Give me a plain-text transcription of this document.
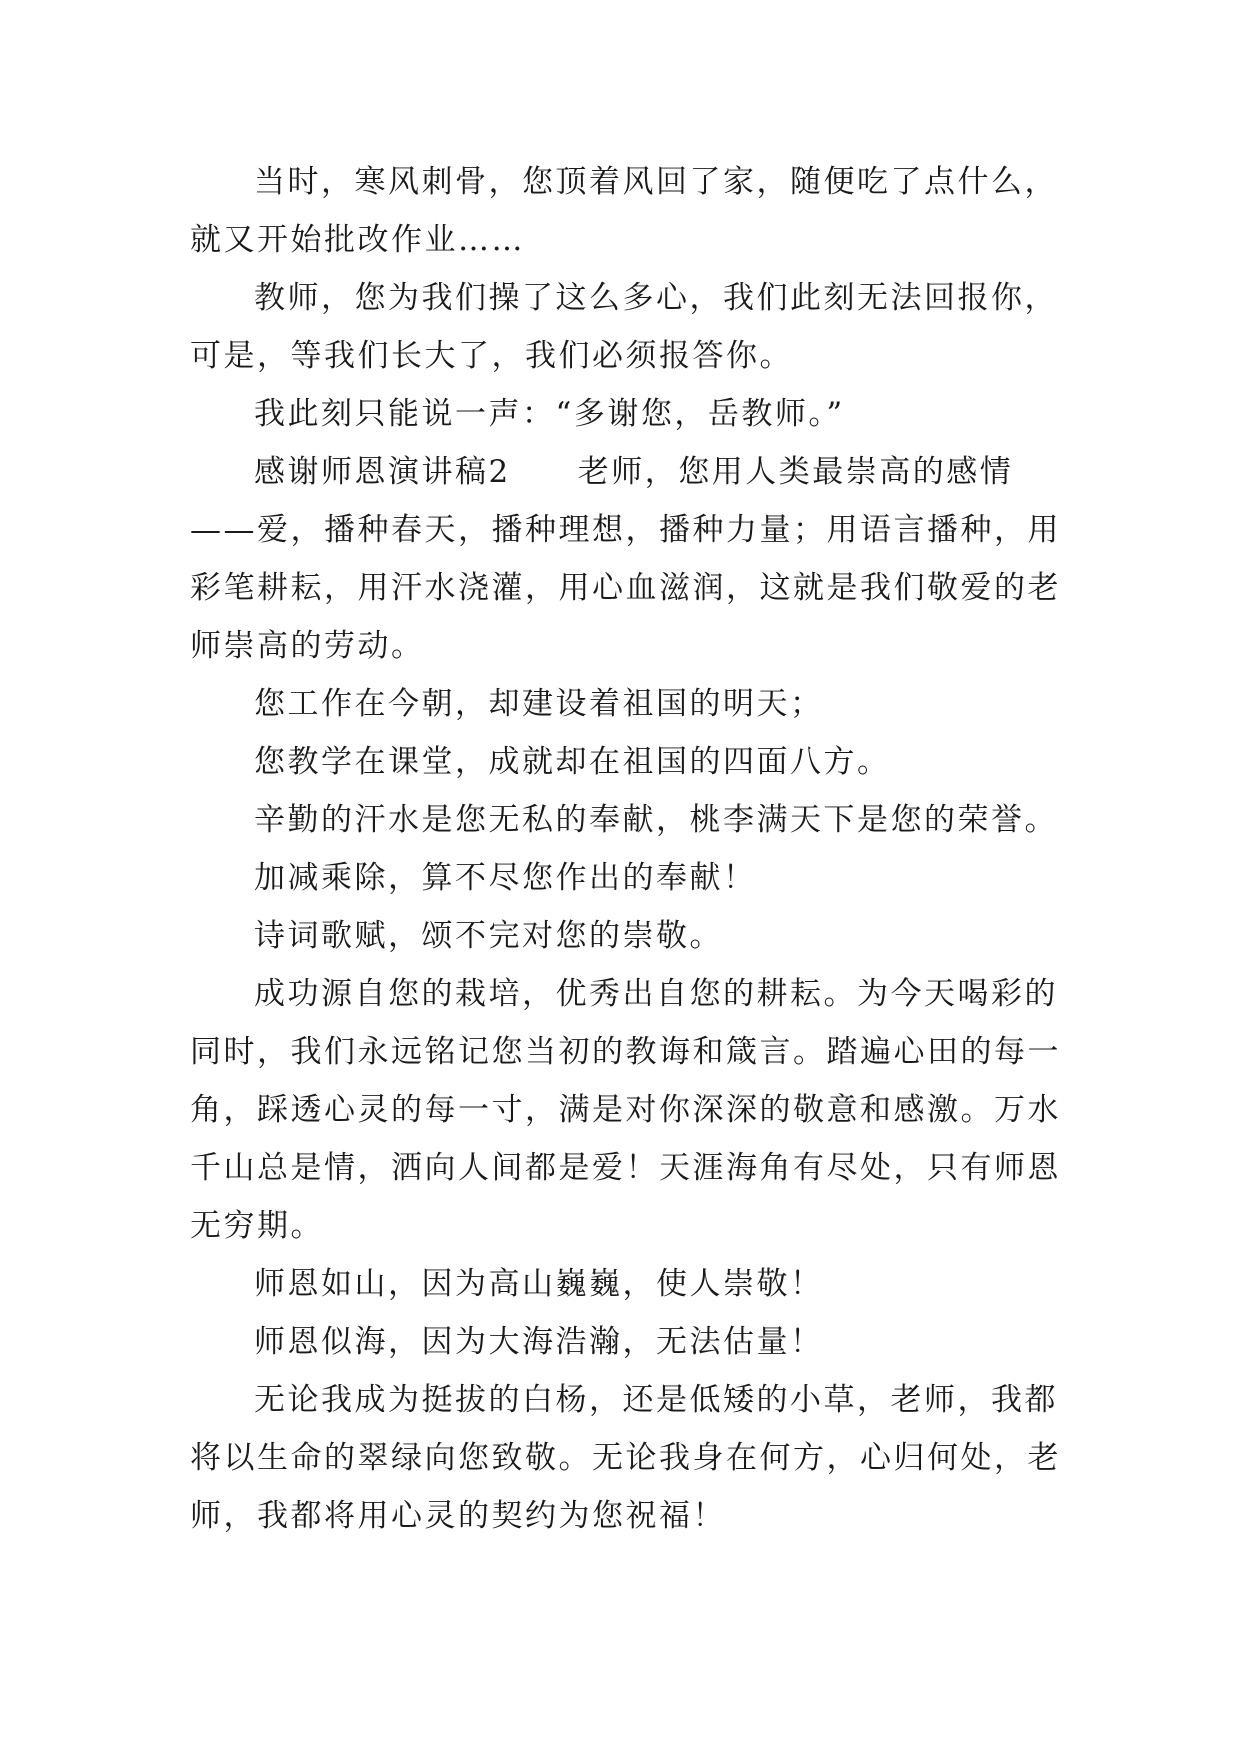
当时，寒风刺骨，您顶着风回了家，随便吃了点什么，
就又开始批改作业……
教师，您为我们操了这么多心，我们此刻无法回报你，
可是，等我们长大了，我们必须报答你。
我此刻只能说一声：“多谢您，岳教师。”
感谢师恩演讲稿2　　老师，您用人类最崇高的感情
——爱，播种春天，播种理想，播种力量；用语言播种，用
彩笔耕耘，用汗水浇灌，用心血滋润，这就是我们敬爱的老
师崇高的劳动。
您工作在今朝，却建设着祖国的明天；
您教学在课堂，成就却在祖国的四面八方。
辛勤的汗水是您无私的奉献，桃李满天下是您的荣誉。
加减乘除，算不尽您作出的奉献！
诗词歌赋，颂不完对您的崇敬。
成功源自您的栽培，优秀出自您的耕耘。为今天喝彩的
同时，我们永远铭记您当初的教诲和箴言。踏遍心田的每一
角，踩透心灵的每一寸，满是对你深深的敬意和感激。万水
千山总是情，洒向人间都是爱！天涯海角有尽处，只有师恩
无穷期。
师恩如山，因为高山巍巍，使人崇敬！
师恩似海，因为大海浩瀚，无法估量！
无论我成为挺拔的白杨，还是低矮的小草，老师，我都
将以生命的翠绿向您致敬。无论我身在何方，心归何处，老
师，我都将用心灵的契约为您祝福！
